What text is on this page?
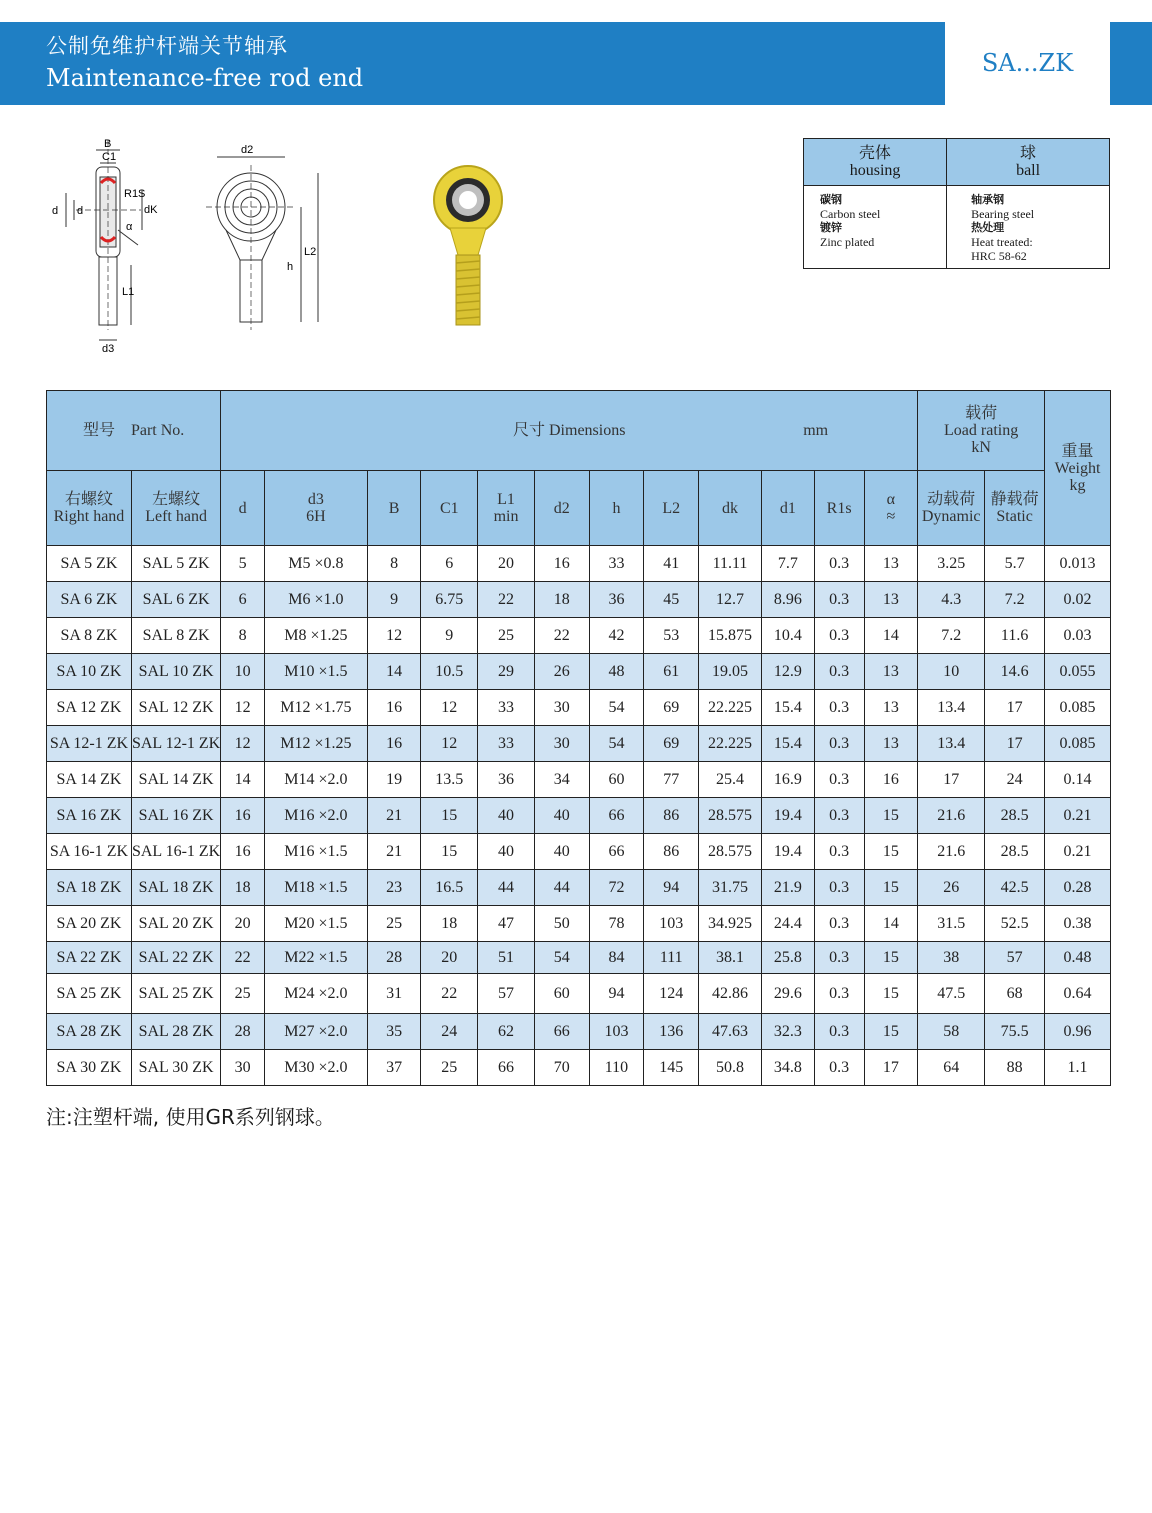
公制免维护杆端关节轴承
Maintenance-free rod end
SA...ZK
B
C1
d d
R1S
dK
α
L1
d3
d2
h
L2
壳体
housing	球
ball

碳钢
Carbon steel
镀锌
Zinc plated	轴承钢
Bearing steel
热处理
Heat treated:
HRC 58-62
型号　Part No.		尺寸 Dimensions mm												载荷
Load rating
kN		重量
Weight
kg

右螺纹
Right hand	左螺纹
Left hand	d	d3
6H	B	C1	L1
min	d2	h	L2	dk	d1	R1s	α
≈	动载荷
Dynamic	静载荷
Static	

SA 5 ZK	SAL 5 ZK	5	M5 ×0.8	8	6	20	16	33	41	11.11	7.7	0.3	13	3.25	5.7	0.013
SA 6 ZK	SAL 6 ZK	6	M6 ×1.0	9	6.75	22	18	36	45	12.7	8.96	0.3	13	4.3	7.2	0.02
SA 8 ZK	SAL 8 ZK	8	M8 ×1.25	12	9	25	22	42	53	15.875	10.4	0.3	14	7.2	11.6	0.03
SA 10 ZK	SAL 10 ZK	10	M10 ×1.5	14	10.5	29	26	48	61	19.05	12.9	0.3	13	10	14.6	0.055
SA 12 ZK	SAL 12 ZK	12	M12 ×1.75	16	12	33	30	54	69	22.225	15.4	0.3	13	13.4	17	0.085
SA 12-1 ZK	SAL 12-1 ZK	12	M12 ×1.25	16	12	33	30	54	69	22.225	15.4	0.3	13	13.4	17	0.085
SA 14 ZK	SAL 14 ZK	14	M14 ×2.0	19	13.5	36	34	60	77	25.4	16.9	0.3	16	17	24	0.14
SA 16 ZK	SAL 16 ZK	16	M16 ×2.0	21	15	40	40	66	86	28.575	19.4	0.3	15	21.6	28.5	0.21
SA 16-1 ZK	SAL 16-1 ZK	16	M16 ×1.5	21	15	40	40	66	86	28.575	19.4	0.3	15	21.6	28.5	0.21
SA 18 ZK	SAL 18 ZK	18	M18 ×1.5	23	16.5	44	44	72	94	31.75	21.9	0.3	15	26	42.5	0.28
SA 20 ZK	SAL 20 ZK	20	M20 ×1.5	25	18	47	50	78	103	34.925	24.4	0.3	14	31.5	52.5	0.38
SA 22 ZK	SAL 22 ZK	22	M22 ×1.5	28	20	51	54	84	111	38.1	25.8	0.3	15	38	57	0.48
SA 25 ZK	SAL 25 ZK	25	M24 ×2.0	31	22	57	60	94	124	42.86	29.6	0.3	15	47.5	68	0.64
SA 28 ZK	SAL 28 ZK	28	M27 ×2.0	35	24	62	66	103	136	47.63	32.3	0.3	15	58	75.5	0.96
SA 30 ZK	SAL 30 ZK	30	M30 ×2.0	37	25	66	70	110	145	50.8	34.8	0.3	17	64	88	1.1
注:注塑杆端, 使用GR系列钢球。
